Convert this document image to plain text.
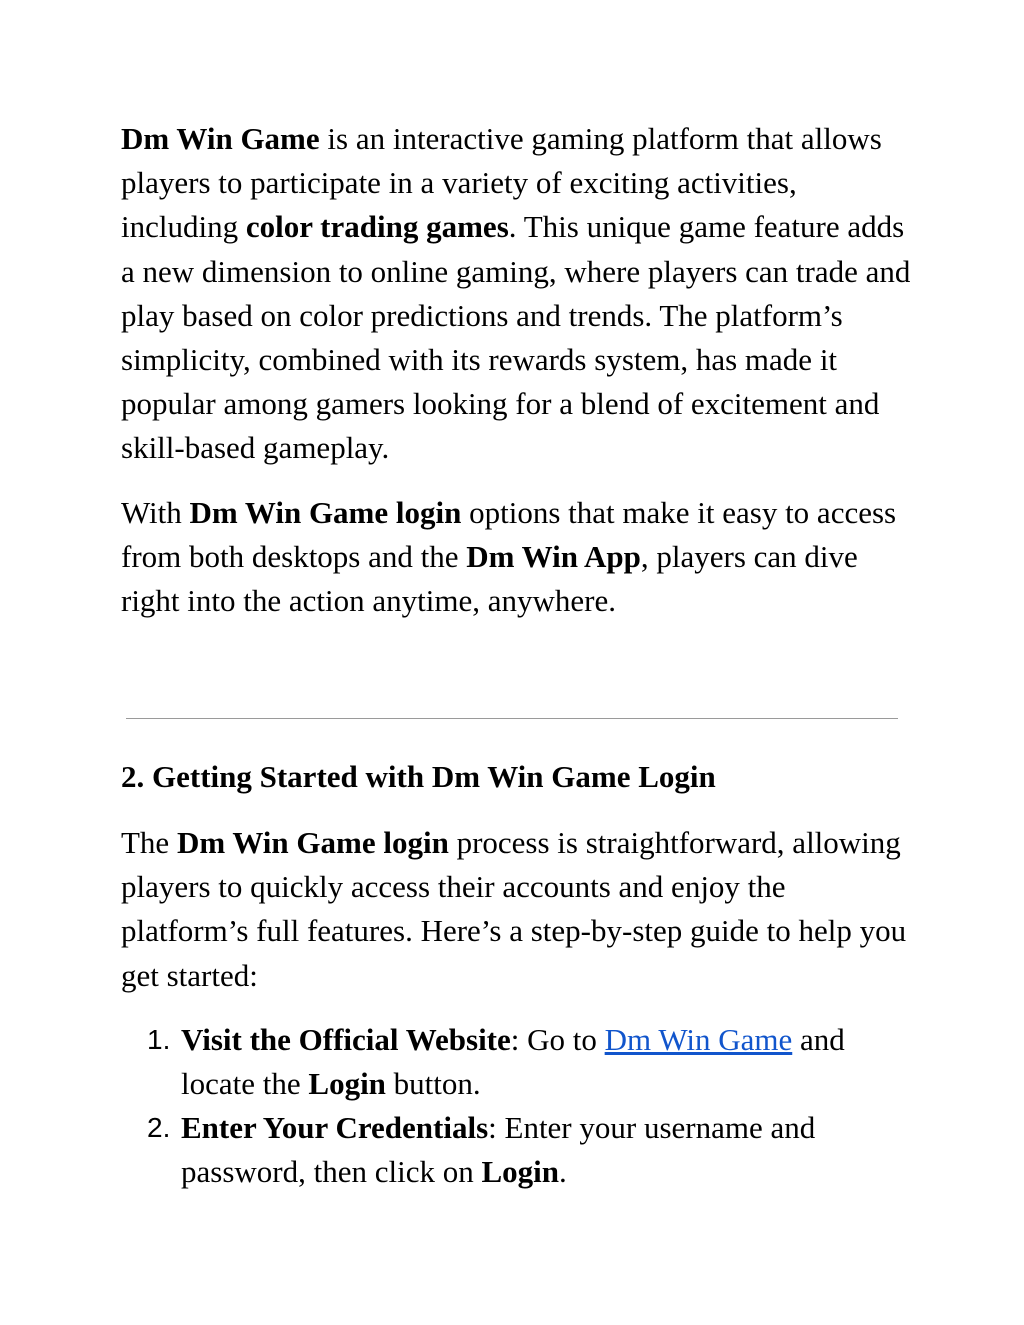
Dm Win Game is an interactive gaming platform that allows players to participate in a variety of exciting activities, including color trading games. This unique game feature adds a new dimension to online gaming, where players can trade and play based on color predictions and trends. The platform’s simplicity, combined with its rewards system, has made it popular among gamers looking for a blend of excitement and skill-based gameplay.

With Dm Win Game login options that make it easy to access from both desktops and the Dm Win App, players can dive right into the action anytime, anywhere.

2. Getting Started with Dm Win Game Login

The Dm Win Game login process is straightforward, allowing players to quickly access their accounts and enjoy the platform’s full features. Here’s a step-by-step guide to help you get started:

1. Visit the Official Website: Go to Dm Win Game and locate the Login button.
2. Enter Your Credentials: Enter your username and password, then click on Login.
